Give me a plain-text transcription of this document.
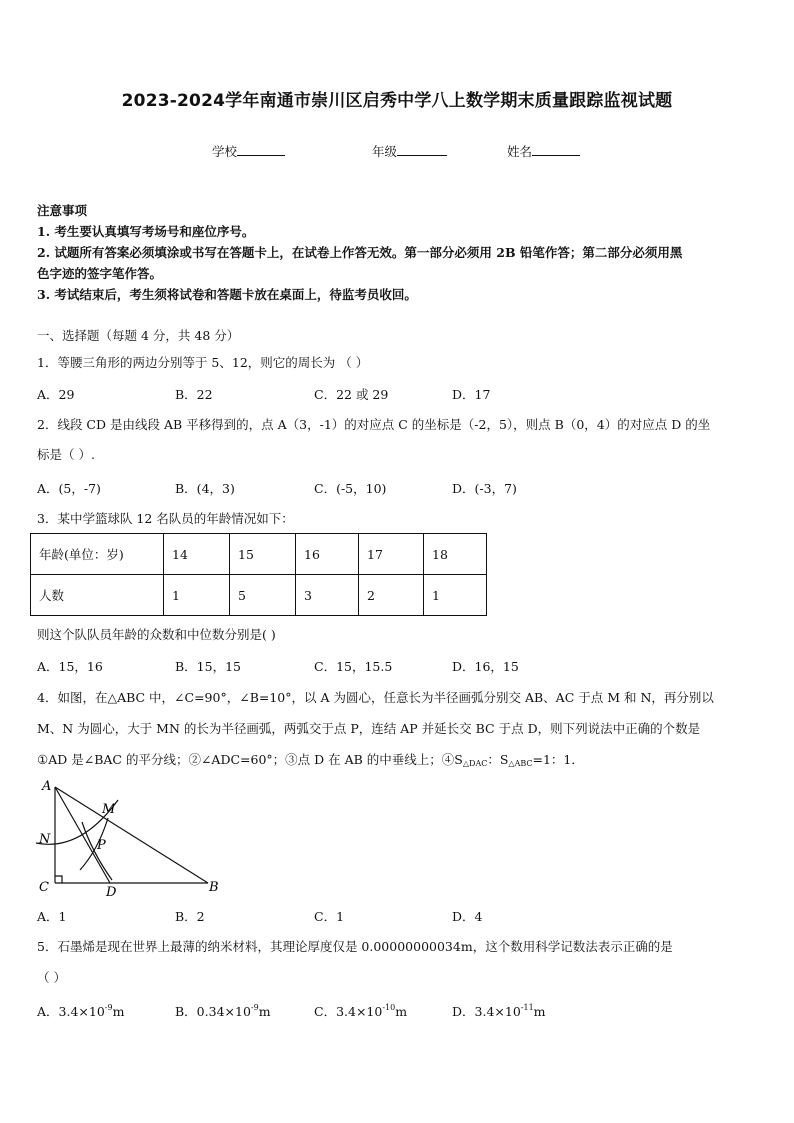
2023-2024学年南通市崇川区启秀中学八上数学期末质量跟踪监视试题
学校	年级	姓名
注意事项
1. 考生要认真填写考场号和座位序号。
2. 试题所有答案必须填涂或书写在答题卡上，在试卷上作答无效。第一部分必须用 2B 铅笔作答；第二部分必须用黑
色字迹的签字笔作答。
3. 考试结束后，考生须将试卷和答题卡放在桌面上，待监考员收回。
一、选择题（每题 4 分，共 48 分）
1．等腰三角形的两边分别等于 5、12，则它的周长为 （ ）
A．29	B．22	C．22 或 29	D．17
2．线段 CD 是由线段 AB 平移得到的，点 A（3，-1）的对应点 C 的坐标是（-2，5），则点 B（0，4）的对应点 D 的坐
标是（ ）.
A．(5，-7)	B．(4，3)	C．(-5，10)	D．(-3，7)
3．某中学篮球队 12 名队员的年龄情况如下：
年龄(单位：岁)	14	15	16	17	18
人数	1	5	3	2	1
则这个队队员年龄的众数和中位数分别是( )
A．15，16	B．15，15	C．15，15.5	D．16，15
4．如图，在△ABC 中，∠C=90°，∠B=10°，以 A 为圆心，任意长为半径画弧分别交 AB、AC 于点 M 和 N，再分别以
M、N 为圆心，大于 MN 的长为半径画弧，两弧交于点 P，连结 AP 并延长交 BC 于点 D，则下列说法中正确的个数是
①AD 是∠BAC 的平分线；②∠ADC=60°；③点 D 在 AB 的中垂线上；$④S_{\triangle DAC}$：$S_{\triangle ABC}=1$：1．
A
M
N	P
C	D	B
A．1	B．2	C．1	D．4
5．石墨烯是现在世界上最薄的纳米材料，其理论厚度仅是 0.00000000034m，这个数用科学记数法表示正确的是
（ ）
A．$3.4\times 10^{-9}m$	B．$0.34\times 10^{-9}m$	C．$3.4\times 10^{-10}m$	D．$3.4\times 10^{-11}m$
